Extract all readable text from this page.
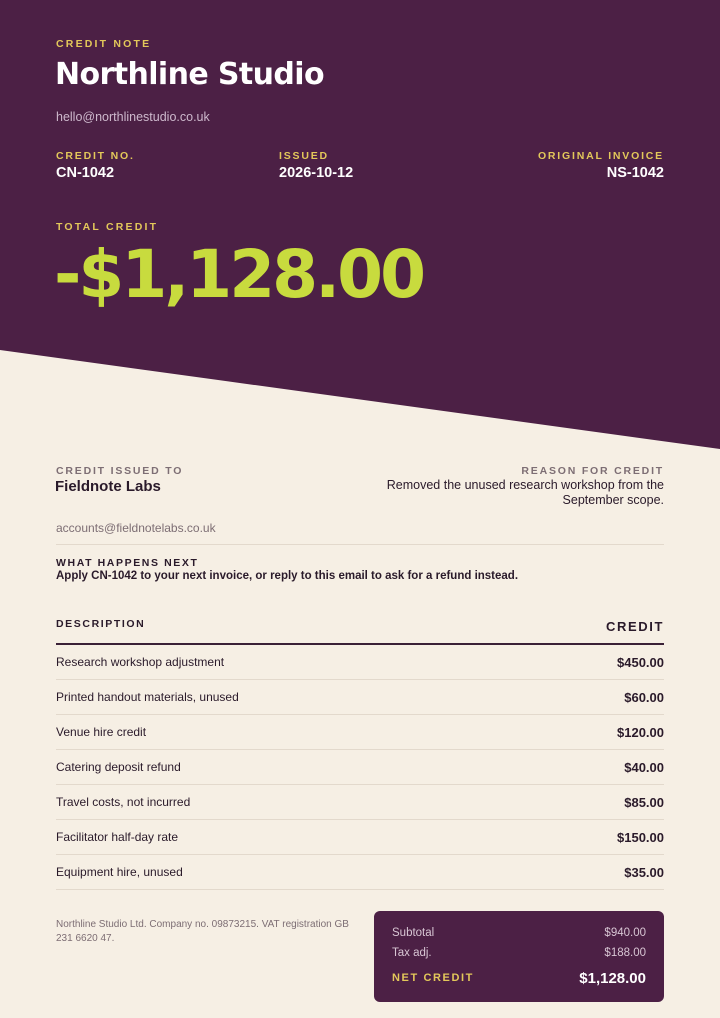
CREDIT NOTE
Northline Studio
hello@northlinestudio.co.uk
CREDIT NO.
CN-1042
ISSUED
2026-10-12
ORIGINAL INVOICE
NS-1042
TOTAL CREDIT
-$1,128.00
CREDIT ISSUED TO
Fieldnote Labs
REASON FOR CREDIT
Removed the unused research workshop from the September scope.
accounts@fieldnotelabs.co.uk
WHAT HAPPENS NEXT
Apply CN-1042 to your next invoice, or reply to this email to ask for a refund instead.
DESCRIPTION	CREDIT
Research workshop adjustment	$450.00
Printed handout materials, unused	$60.00
Venue hire credit	$120.00
Catering deposit refund	$40.00
Travel costs, not incurred	$85.00
Facilitator half-day rate	$150.00
Equipment hire, unused	$35.00
Northline Studio Ltd. Company no. 09873215. VAT registration GB 231 6620 47.	Subtotal	$940.00
Tax adj.	$188.00
NET CREDIT	$1,128.00
